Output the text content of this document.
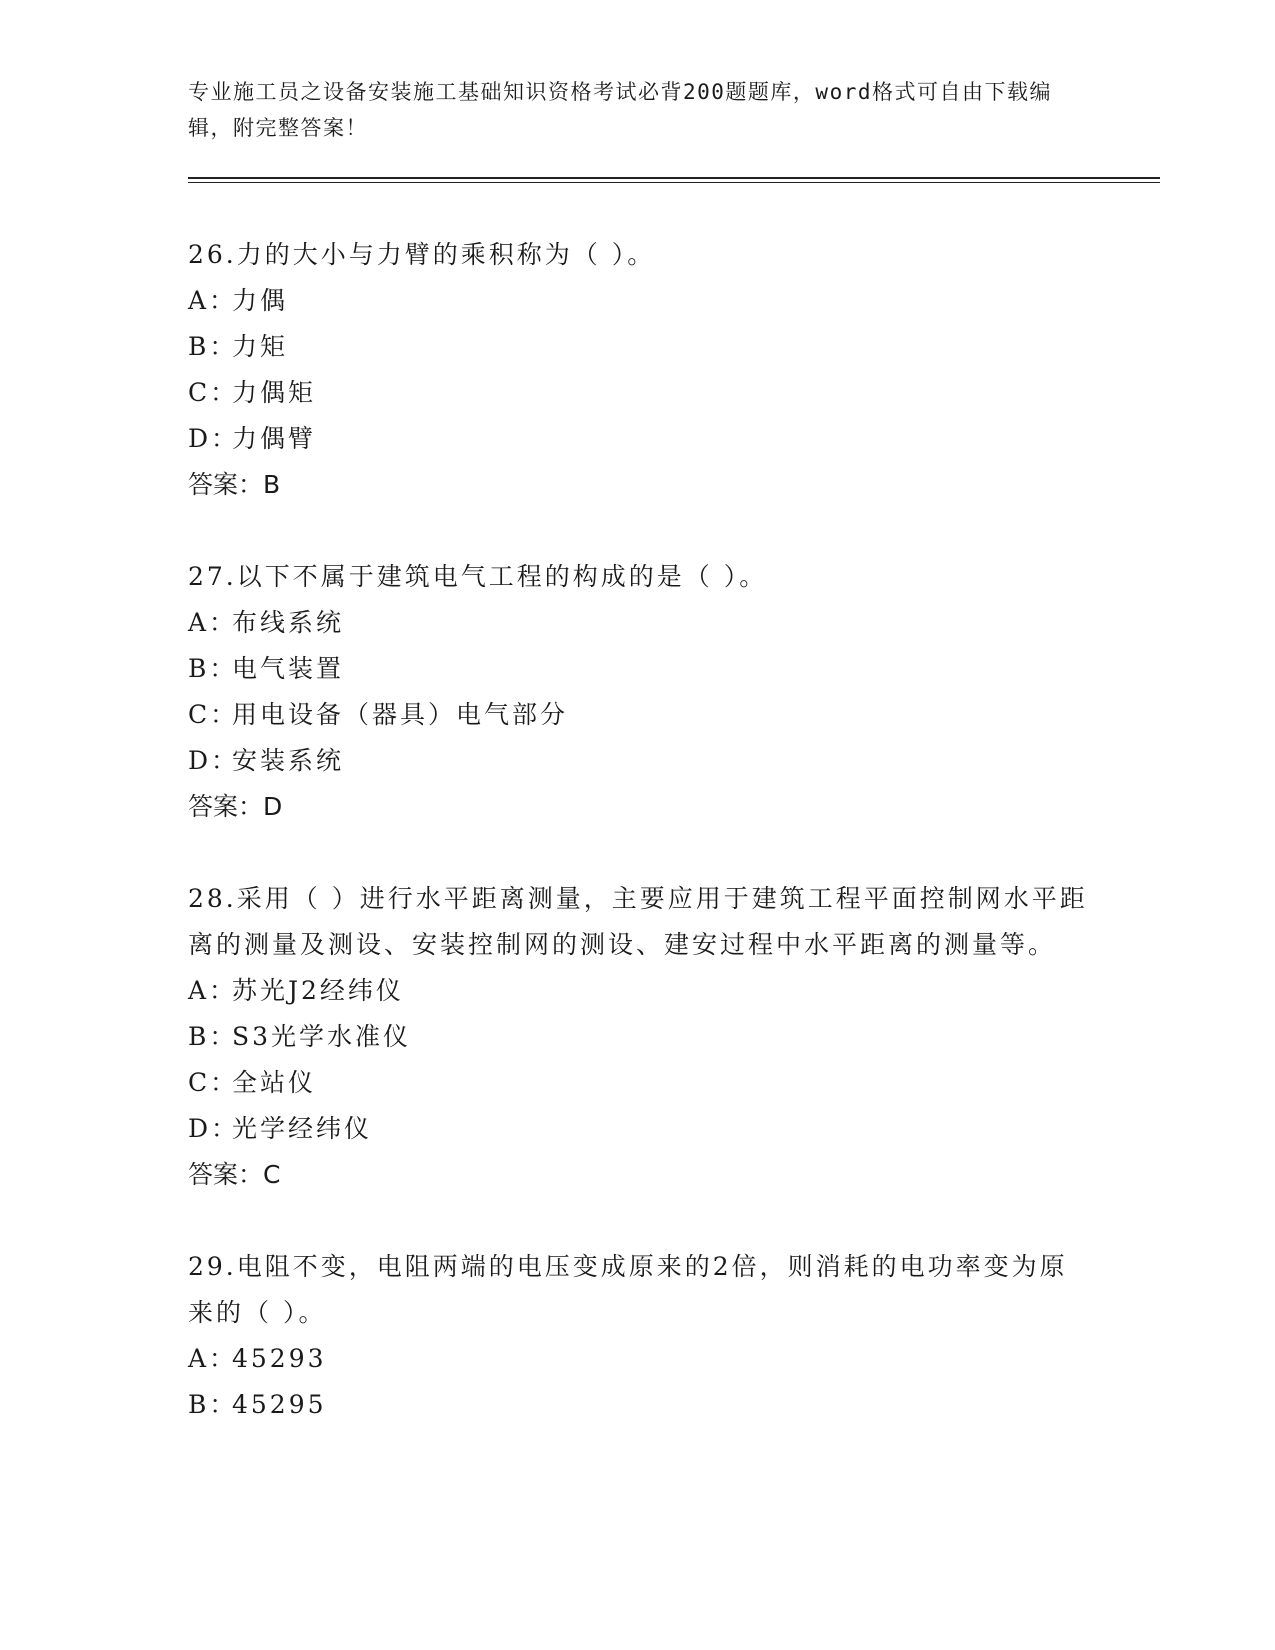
专业施工员之设备安装施工基础知识资格考试必背200题题库，word格式可自由下载编辑，附完整答案！
26.力的大小与力臂的乘积称为（ ）。
A：力偶
B：力矩
C：力偶矩
D：力偶臂
答案：B
27.以下不属于建筑电气工程的构成的是（ ）。
A：布线系统
B：电气装置
C：用电设备（器具）电气部分
D：安装系统
答案：D
28.采用（ ）进行水平距离测量，主要应用于建筑工程平面控制网水平距离的测量及测设、安装控制网的测设、建安过程中水平距离的测量等。
A：苏光J2经纬仪
B：S3光学水准仪
C：全站仪
D：光学经纬仪
答案：C
29.电阻不变，电阻两端的电压变成原来的2倍，则消耗的电功率变为原来的（ ）。
A：45293
B：45295
